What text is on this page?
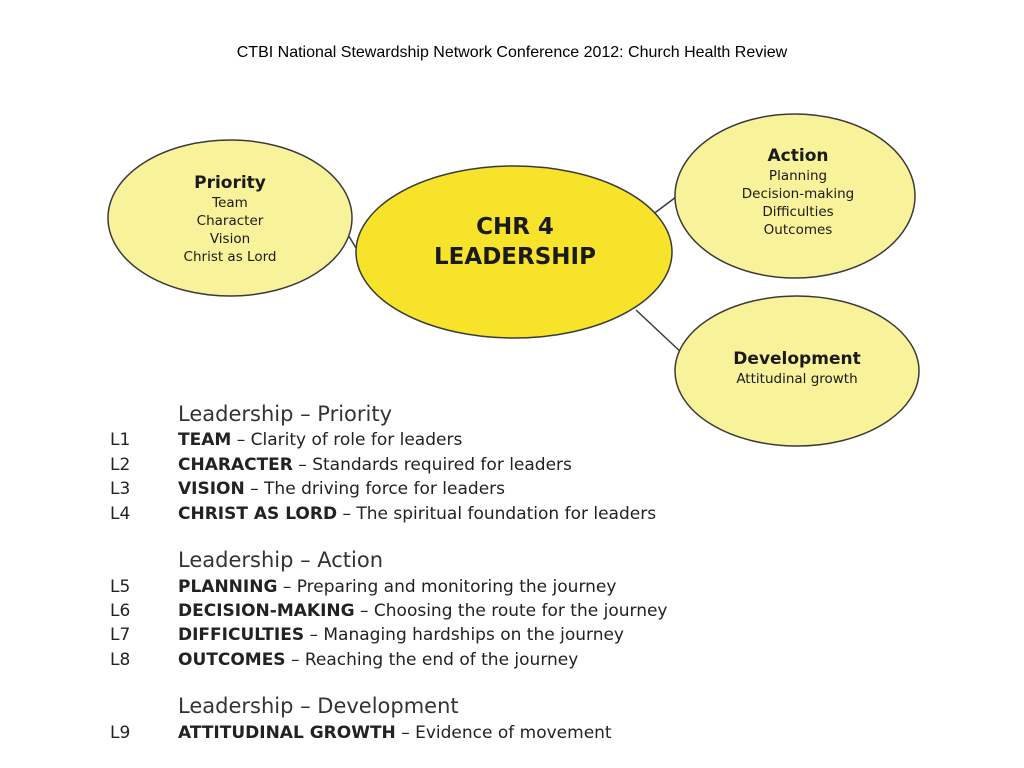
CTBI National Stewardship Network Conference 2012: Church Health Review
Priority
Team
Character
Vision
Christ as Lord
Action
Planning
Decision-making
Difficulties
Outcomes
Development
Attitudinal growth
CHR 4
LEADERSHIP
Leadership – Priority
L1	TEAM – Clarity of role for leaders
L2	CHARACTER – Standards required for leaders
L3	VISION – The driving force for leaders
L4	CHRIST AS LORD – The spiritual foundation for leaders
Leadership – Action
L5	PLANNING – Preparing and monitoring the journey
L6	DECISION-MAKING – Choosing the route for the journey
L7	DIFFICULTIES – Managing hardships on the journey
L8	OUTCOMES – Reaching the end of the journey
Leadership – Development
L9	ATTITUDINAL GROWTH – Evidence of movement
